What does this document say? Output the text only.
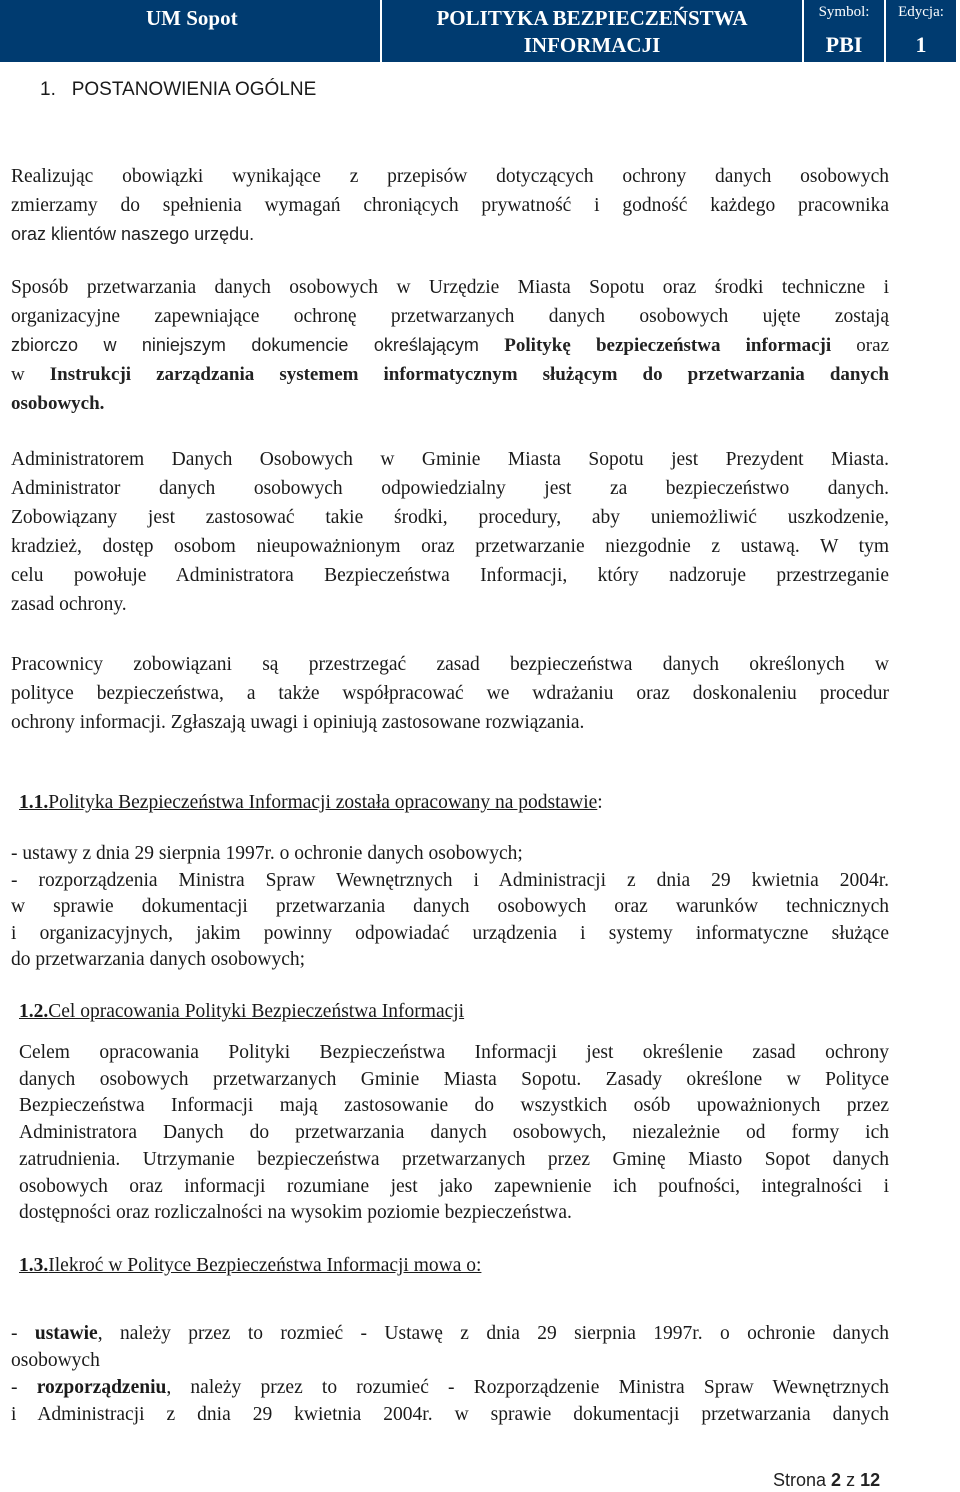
UM Sopot	POLITYKA BEZPIECZEŃSTWA
INFORMACJI
Symbol:
PBI
Edycja:
1
1. POSTANOWIENIA OGÓLNE
Realizując obowiązki wynikające z przepisów dotyczących ochrony danych osobowych
zmierzamy do spełnienia wymagań chroniących prywatność i godność każdego pracownika
oraz klientów naszego urzędu.
Sposób przetwarzania danych osobowych w Urzędzie Miasta Sopotu oraz środki techniczne i
organizacyjne zapewniające ochronę przetwarzanych danych osobowych ujęte zostają
zbiorczo w niniejszym dokumencie określającym Politykę bezpieczeństwa informacji oraz
w Instrukcji zarządzania systemem informatycznym służącym do przetwarzania danych
osobowych.
Administratorem Danych Osobowych w Gminie Miasta Sopotu jest Prezydent Miasta.
Administrator danych osobowych odpowiedzialny jest za bezpieczeństwo danych.
Zobowiązany jest zastosować takie środki, procedury, aby uniemożliwić uszkodzenie,
kradzież, dostęp osobom nieupoważnionym oraz przetwarzanie niezgodnie z ustawą. W tym
celu powołuje Administratora Bezpieczeństwa Informacji, który nadzoruje przestrzeganie
zasad ochrony.
Pracownicy zobowiązani są przestrzegać zasad bezpieczeństwa danych określonych w
polityce bezpieczeństwa, a także współpracować we wdrażaniu oraz doskonaleniu procedur
ochrony informacji. Zgłaszają uwagi i opiniują zastosowane rozwiązania.
1.1.Polityka Bezpieczeństwa Informacji została opracowany na podstawie:
- ustawy z dnia 29 sierpnia 1997r. o ochronie danych osobowych;
- rozporządzenia Ministra Spraw Wewnętrznych i Administracji z dnia 29 kwietnia 2004r.
w sprawie dokumentacji przetwarzania danych osobowych oraz warunków technicznych
i organizacyjnych, jakim powinny odpowiadać urządzenia i systemy informatyczne służące
do przetwarzania danych osobowych;
1.2.Cel opracowania Polityki Bezpieczeństwa Informacji
Celem opracowania Polityki Bezpieczeństwa Informacji jest określenie zasad ochrony
danych osobowych przetwarzanych Gminie Miasta Sopotu. Zasady określone w Polityce
Bezpieczeństwa Informacji mają zastosowanie do wszystkich osób upoważnionych przez
Administratora Danych do przetwarzania danych osobowych, niezależnie od formy ich
zatrudnienia. Utrzymanie bezpieczeństwa przetwarzanych przez Gminę Miasto Sopot danych
osobowych oraz informacji rozumiane jest jako zapewnienie ich poufności, integralności i
dostępności oraz rozliczalności na wysokim poziomie bezpieczeństwa.
1.3.Ilekroć w Polityce Bezpieczeństwa Informacji mowa o:
- ustawie, należy przez to rozmieć - Ustawę z dnia 29 sierpnia 1997r. o ochronie danych
osobowych
- rozporządzeniu, należy przez to rozumieć - Rozporządzenie Ministra Spraw Wewnętrznych
i Administracji z dnia 29 kwietnia 2004r. w sprawie dokumentacji przetwarzania danych
Strona 2 z 12
